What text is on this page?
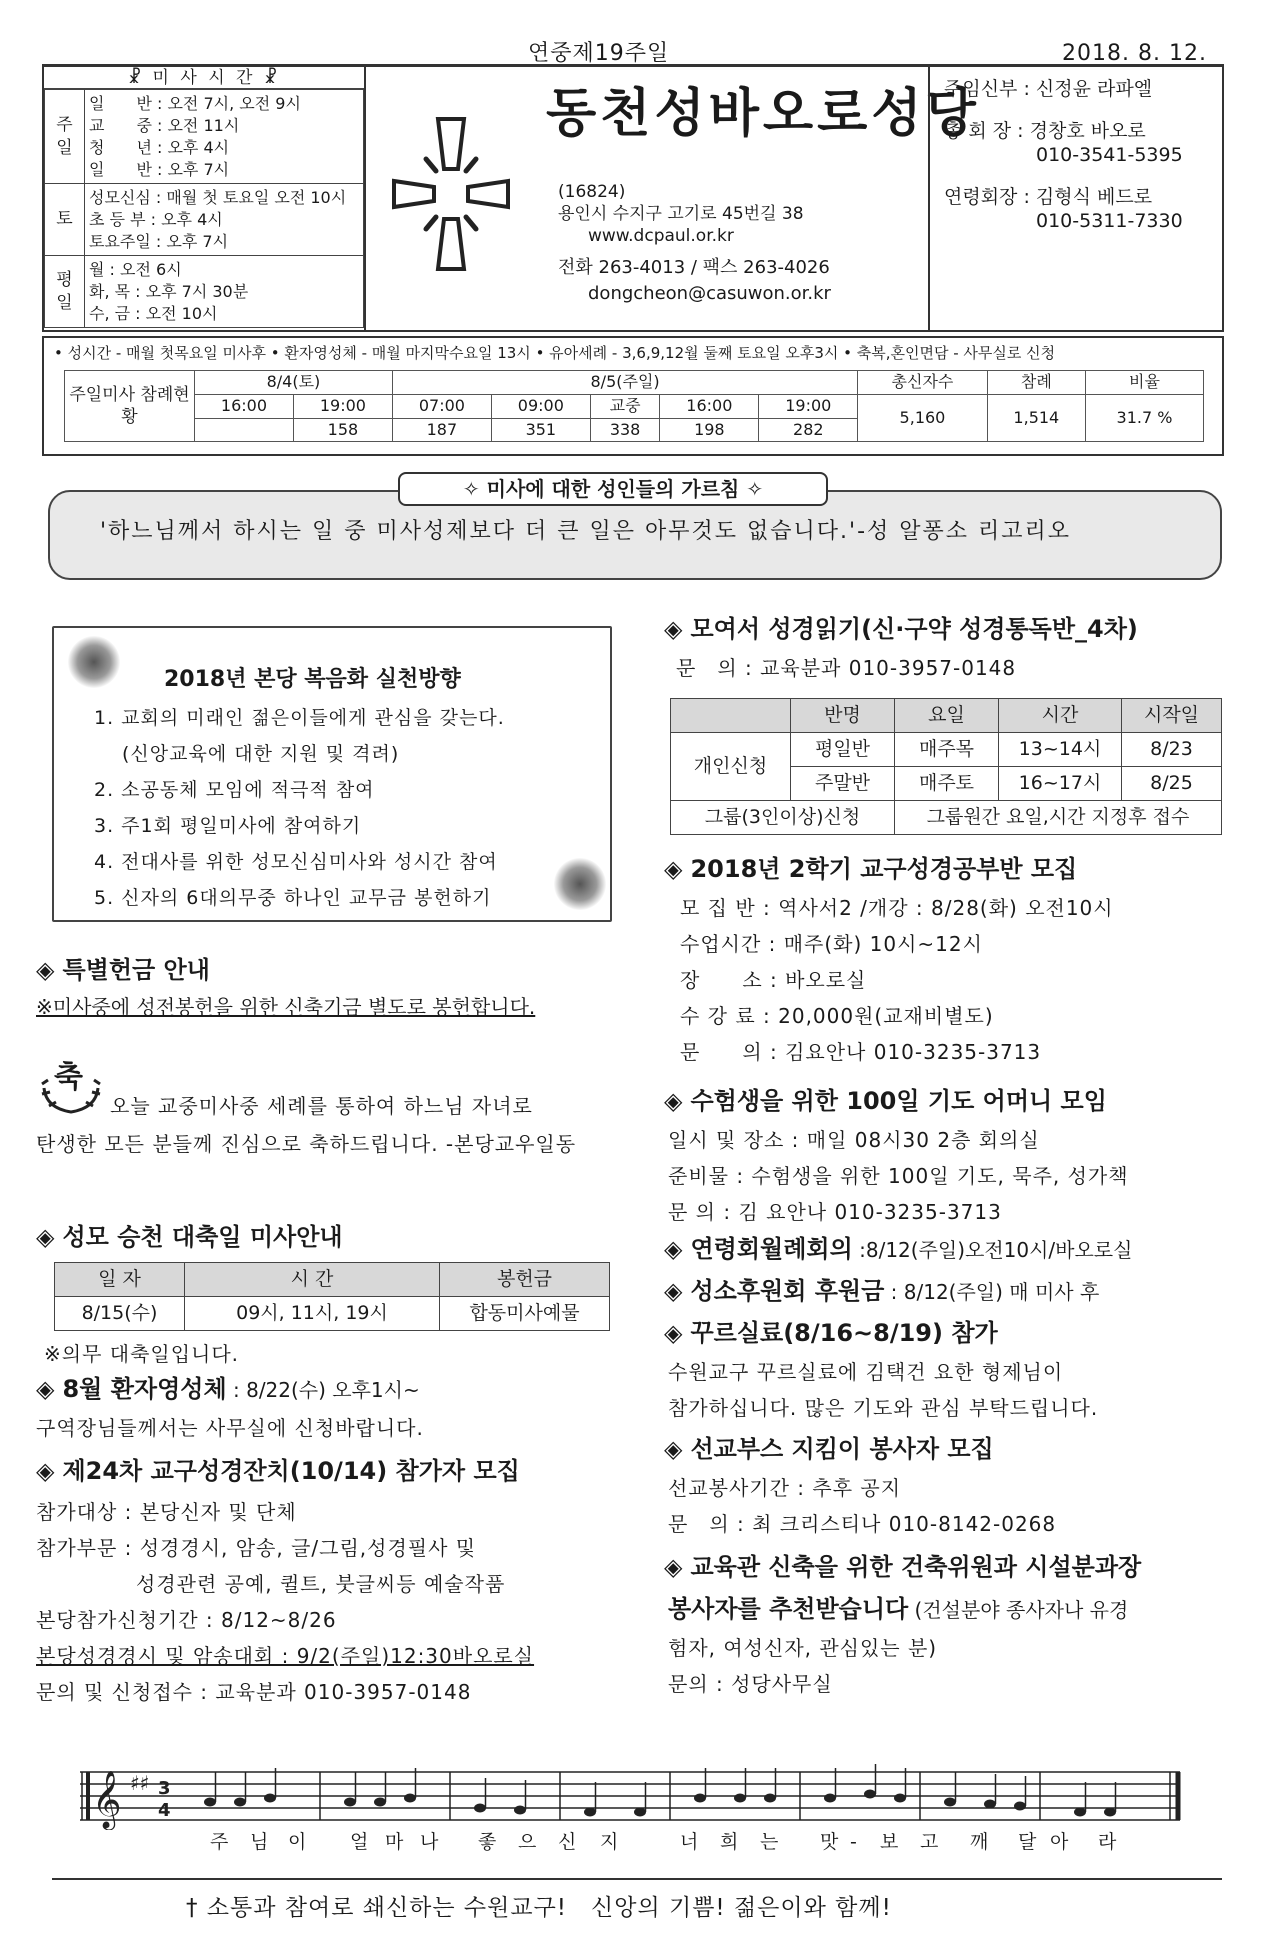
연중제19주일	2018. 8. 12.
☧ 미 사 시 간 ☧
주일	일　　반 : 오전 7시, 오전 9시
교　　중 : 오전 11시
청　　년 : 오후 4시
일　　반 : 오후 7시

토	성모신심 : 매월 첫 토요일 오전 10시
초 등 부 : 오후 4시
토요주일 : 오후 7시

평일	월 : 오전 6시
화, 목 : 오후 7시 30분
수, 금 : 오전 10시
동천성바오로성당
(16824)
용인시 수지구 고기로 45번길 38
www.dcpaul.or.kr
전화 263-4013 / 팩스 263-4026
dongcheon@casuwon.or.kr
주임신부 : 신정윤 라파엘
총 회 장 : 경창호 바오로
010-3541-5395
연령회장 : 김형식 베드로
010-5311-7330
• 성시간 - 매월 첫목요일 미사후 • 환자영성체 - 매월 마지막수요일 13시 • 유아세례 - 3,6,9,12월 둘째 토요일 오후3시 • 축복,혼인면담 - 사무실로 신청
주일미사 참례현황	8/4(토)		8/5(주일)					총신자수	참례	비율
	16:00	19:00	07:00	09:00	교중	16:00	19:00	5,160	1,514	31.7 %
		158	187	351	338	198	282			
✧ 미사에 대한 성인들의 가르침 ✧
'하느님께서 하시는 일 중 미사성제보다 더 큰 일은 아무것도 없습니다.'-성 알퐁소 리고리오
2018년 본당 복음화 실천방향
1. 교회의 미래인 젊은이들에게 관심을 갖는다.
(신앙교육에 대한 지원 및 격려)
2. 소공동체 모임에 적극적 참여
3. 주1회 평일미사에 참여하기
4. 전대사를 위한 성모신심미사와 성시간 참여
5. 신자의 6대의무중 하나인 교무금 봉헌하기
◈ 특별헌금 안내
※미사중에 성전봉헌을 위한 신축기금 별도로 봉헌합니다.
축
오늘 교중미사중 세례를 통하여 하느님 자녀로
탄생한 모든 분들께 진심으로 축하드립니다. -본당교우일동
◈ 성모 승천 대축일 미사안내
일 자	시 간	봉헌금
8/15(수)	09시, 11시, 19시	합동미사예물
※의무 대축일입니다.
◈ 8월 환자영성체 : 8/22(수) 오후1시~
구역장님들께서는 사무실에 신청바랍니다.
◈ 제24차 교구성경잔치(10/14) 참가자 모집
참가대상 : 본당신자 및 단체
참가부문 : 성경경시, 암송, 글/그림,성경필사 및
성경관련 공예, 퀼트, 붓글씨등 예술작품
본당참가신청기간 : 8/12~8/26
본당성경경시 및 암송대회 : 9/2(주일)12:30바오로실
문의 및 신청접수 : 교육분과 010-3957-0148
◈ 모여서 성경읽기(신·구약 성경통독반_4차)
문　의 : 교육분과 010-3957-0148
	반명	요일	시간	시작일
개인신청	평일반	매주목	13~14시	8/23
	주말반	매주토	16~17시	8/25
그룹(3인이상)신청		그룹원간 요일,시간 지정후 접수		
◈ 2018년 2학기 교구성경공부반 모집
모 집 반 : 역사서2 /개강 : 8/28(화) 오전10시
수업시간 : 매주(화) 10시~12시
장　　소 : 바오로실
수 강 료 : 20,000원(교재비별도)
문　　의 : 김요안나 010-3235-3713
◈ 수험생을 위한 100일 기도 어머니 모임
일시 및 장소 : 매일 08시30 2층 회의실
준비물 : 수험생을 위한 100일 기도, 묵주, 성가책
문 의 : 김 요안나 010-3235-3713
◈ 연령회월례회의 :8/12(주일)오전10시/바오로실
◈ 성소후원회 후원금 : 8/12(주일) 매 미사 후
◈ 꾸르실료(8/16~8/19) 참가
수원교구 꾸르실료에 김택건 요한 형제님이
참가하십니다. 많은 기도와 관심 부탁드립니다.
◈ 선교부스 지킴이 봉사자 모집
선교봉사기간 : 추후 공지
문　의 : 최 크리스티나 010-8142-0268
◈ 교육관 신축을 위한 건축위원과 시설분과장
봉사자를 추천받습니다 (건설분야 종사자나 유경
험자, 여성신자, 관심있는 분)
문의 : 성당사무실
𝄞 ♯♯ 3
4
주 님 이 얼 마 나 좋 으 신 지	너 희 는 맛 - 보 고 깨 달 아 라
† 소통과 참여로 쇄신하는 수원교구!　신앙의 기쁨! 젊은이와 함께!
